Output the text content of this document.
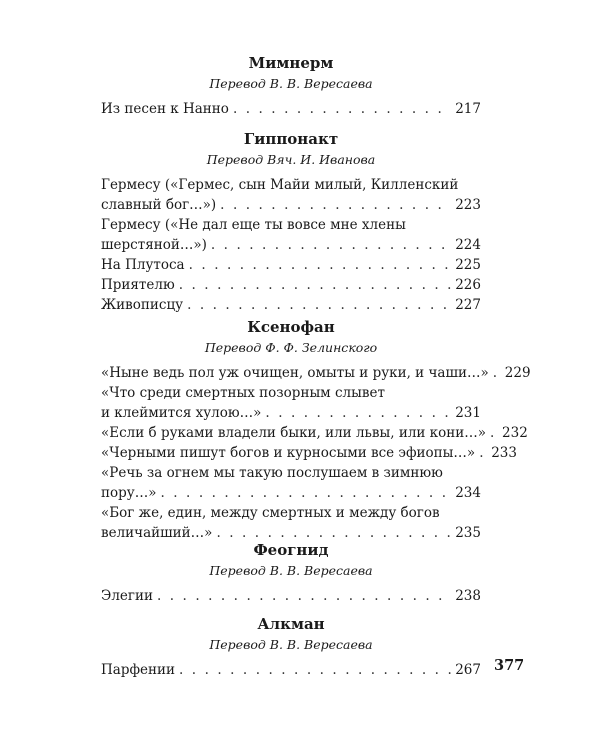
Мимнерм
Перевод В. В. Вересаева
Из песен к Нанно . . .	217
Гиппонакт
Перевод Вяч. И. Иванова
Гермесу («Гермес, сын Майи милый, Килленский
славный бог…») . . .	223
Гермесу («Не дал еще ты вовсе мне хлены
шерстяной…») . . .	224
На Плутоса . . .	225
Приятелю . . .	226
Живописцу . . .	227
Ксенофан
Перевод Ф. Ф. Зелинского
«Ныне ведь пол уж очищен, омыты и руки, и чаши…» . . . 229
«Что среди смертных позорным слывет
и клеймится хулою…» . . .	231
«Если б руками владели быки, или львы, или кони…» . . . 232
«Черными пишут богов и курносыми все эфиопы…» . . . 233
«Речь за огнем мы такую послушаем в зимнюю
пору…» . . .	234
«Бог же, един, между смертных и между богов
величайший…» . . .	235
Феогнид
Перевод В. В. Вересаева
Элегии . . .	238
Алкман
Перевод В. В. Вересаева
Парфении . . .	267 377
